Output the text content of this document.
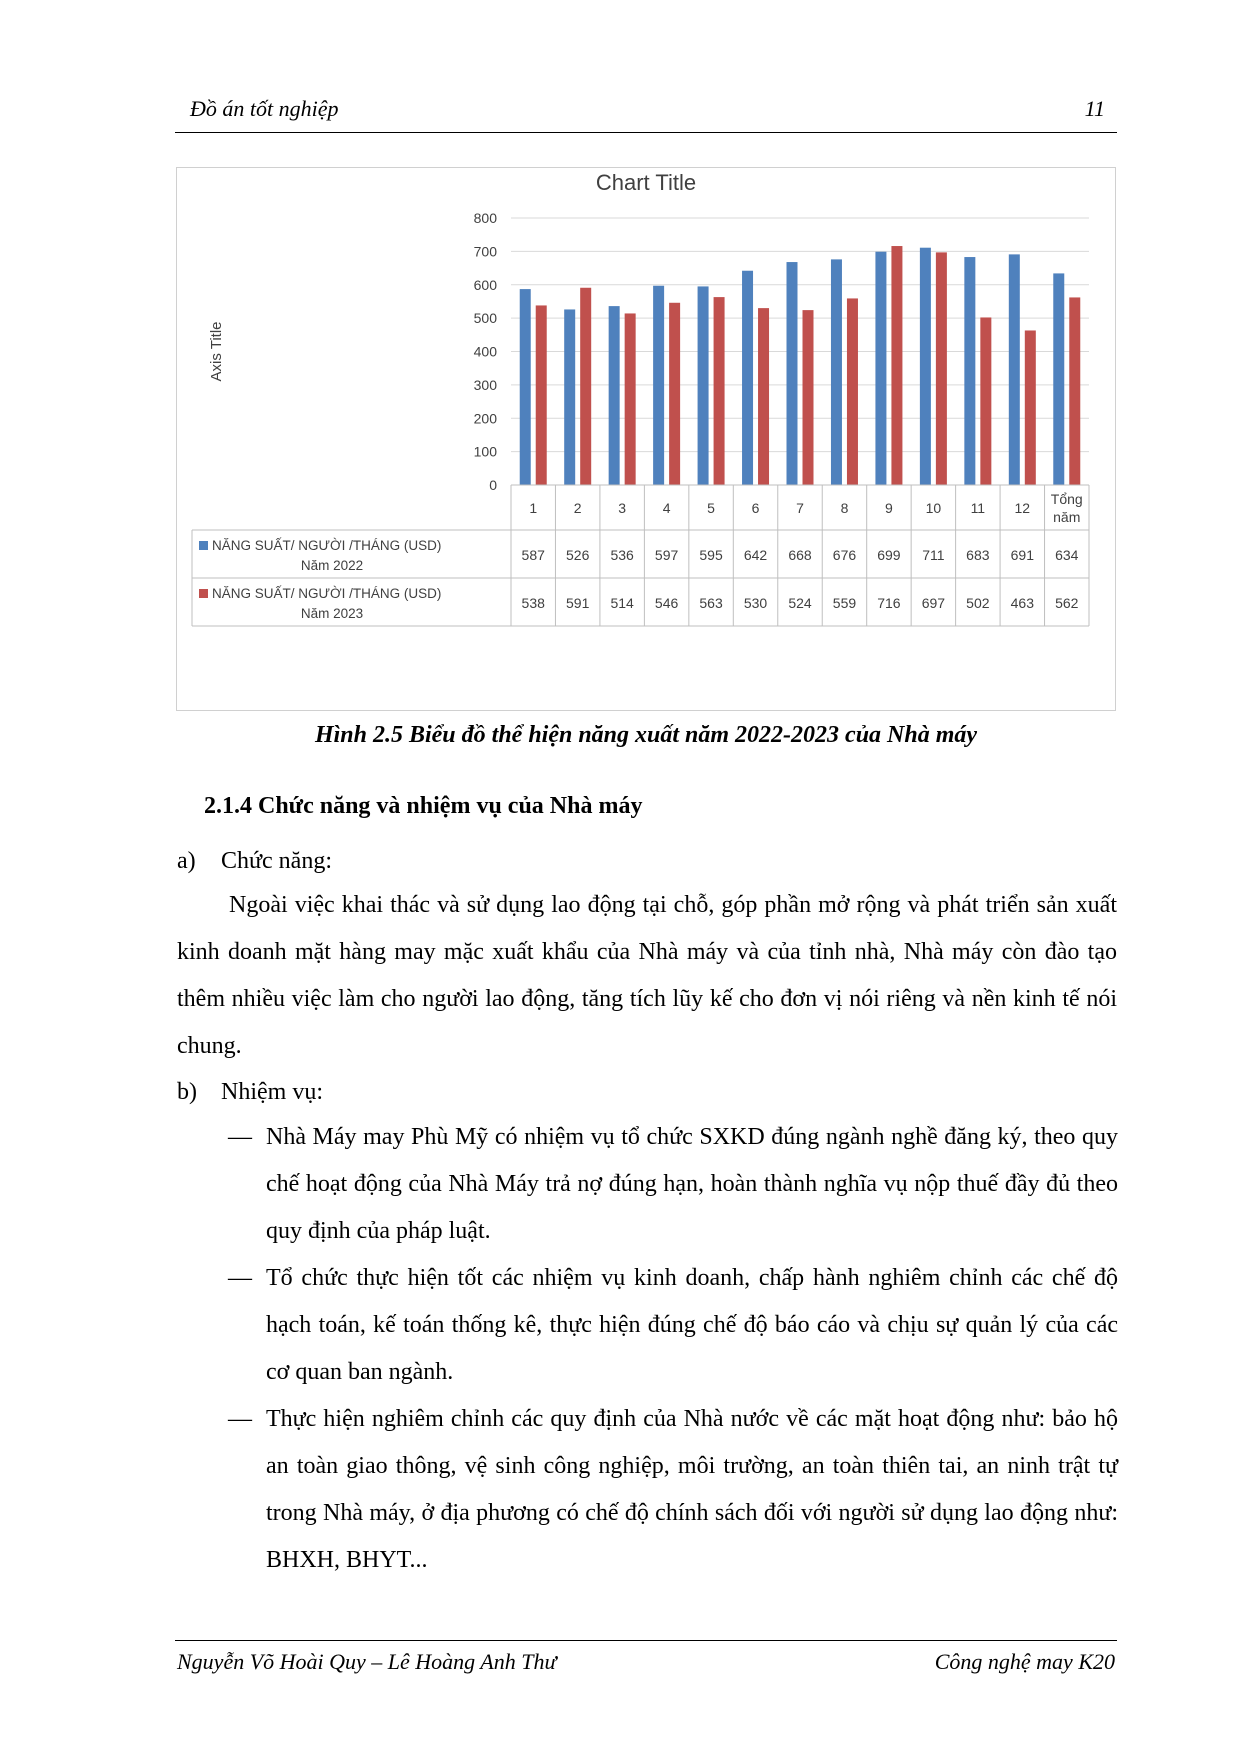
Đồ án tốt nghiệp	11
Chart Title
Axis Title
0
100
200
300
400
500
600
700
800
1	2	3	4	5	6	7	8	9 10 11 12
Tổng
năm
NĂNG SUẤT/ NGƯỜI /THÁNG (USD)
Năm 2022
587 526 536 597 595 642 668 676 699 711 683 691 634
NĂNG SUẤT/ NGƯỜI /THÁNG (USD)
Năm 2023
538 591 514 546 563 530 524 559 716 697 502 463 562
Hình 2.5 Biểu đồ thể hiện năng xuất năm 2022-2023 của Nhà máy
2.1.4 Chức năng và nhiệm vụ của Nhà máy
a) Chức năng:
Ngoài việc khai thác và sử dụng lao động tại chỗ, góp phần mở rộng và phát triển sản xuất kinh doanh mặt hàng may mặc xuất khẩu của Nhà máy và của tỉnh nhà, Nhà máy còn đào tạo thêm nhiều việc làm cho người lao động, tăng tích lũy kế cho đơn vị nói riêng và nền kinh tế nói chung.
b) Nhiệm vụ:
— Nhà Máy may Phù Mỹ có nhiệm vụ tổ chức SXKD đúng ngành nghề đăng ký, theo quy chế hoạt động của Nhà Máy trả nợ đúng hạn, hoàn thành nghĩa vụ nộp thuế đầy đủ theo quy định của pháp luật.
— Tổ chức thực hiện tốt các nhiệm vụ kinh doanh, chấp hành nghiêm chỉnh các chế độ hạch toán, kế toán thống kê, thực hiện đúng chế độ báo cáo và chịu sự quản lý của các cơ quan ban ngành.
— Thực hiện nghiêm chỉnh các quy định của Nhà nước về các mặt hoạt động như: bảo hộ an toàn giao thông, vệ sinh công nghiệp, môi trường, an toàn thiên tai, an ninh trật tự trong Nhà máy, ở địa phương có chế độ chính sách đối với người sử dụng lao động như: BHXH, BHYT...
Nguyễn Võ Hoài Quy – Lê Hoàng Anh Thư	Công nghệ may K20
